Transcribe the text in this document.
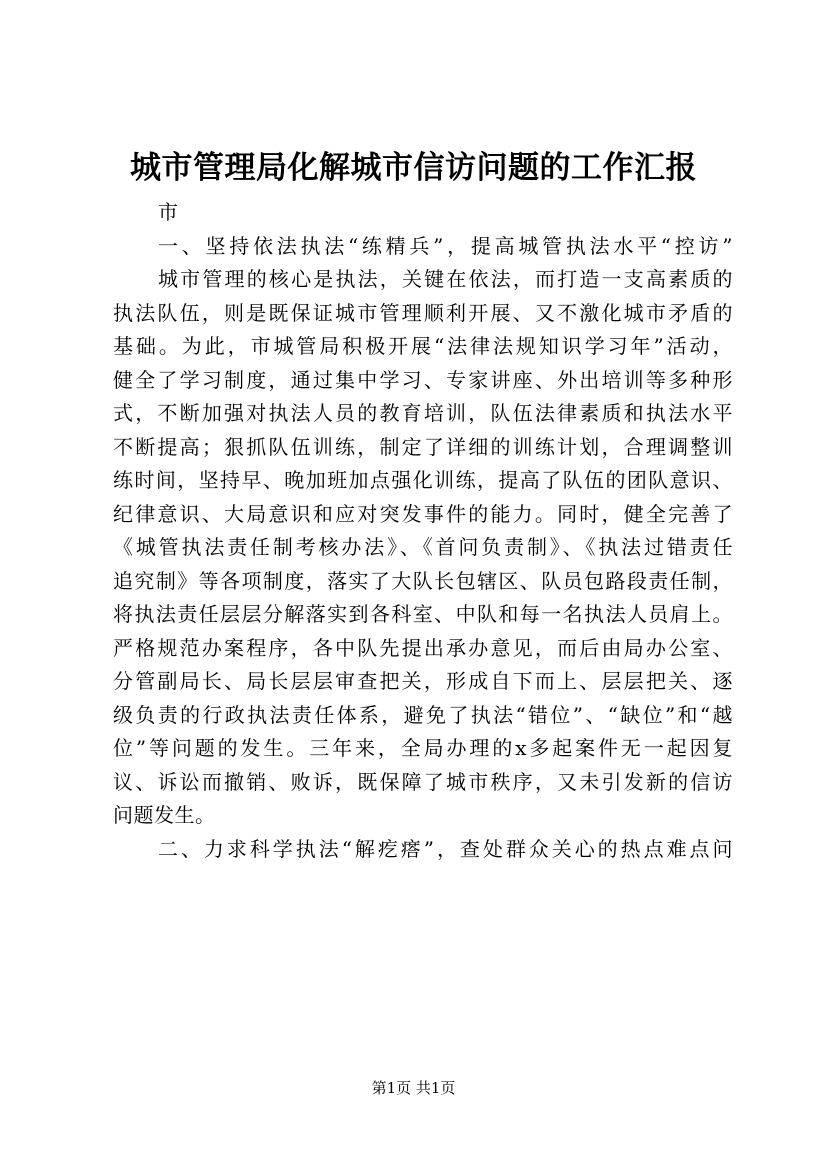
城市管理局化解城市信访问题的工作汇报
市
一、坚持依法执法“练精兵”，提高城管执法水平“控访”
城市管理的核心是执法，关键在依法，而打造一支高素质的
执法队伍，则是既保证城市管理顺利开展、又不激化城市矛盾的
基础。为此，市城管局积极开展“法律法规知识学习年”活动，
健全了学习制度，通过集中学习、专家讲座、外出培训等多种形
式，不断加强对执法人员的教育培训，队伍法律素质和执法水平
不断提高；狠抓队伍训练，制定了详细的训练计划，合理调整训
练时间，坚持早、晚加班加点强化训练，提高了队伍的团队意识、
纪律意识、大局意识和应对突发事件的能力。同时，健全完善了
《城管执法责任制考核办法》、《首问负责制》、《执法过错责任
追究制》等各项制度，落实了大队长包辖区、队员包路段责任制，
将执法责任层层分解落实到各科室、中队和每一名执法人员肩上。
严格规范办案程序，各中队先提出承办意见，而后由局办公室、
分管副局长、局长层层审查把关，形成自下而上、层层把关、逐
级负责的行政执法责任体系，避免了执法“错位”、“缺位”和“越
位”等问题的发生。三年来，全局办理的x多起案件无一起因复
议、诉讼而撤销、败诉，既保障了城市秩序，又未引发新的信访
问题发生。
二、力求科学执法“解疙瘩”，查处群众关心的热点难点问
第1页 共1页
